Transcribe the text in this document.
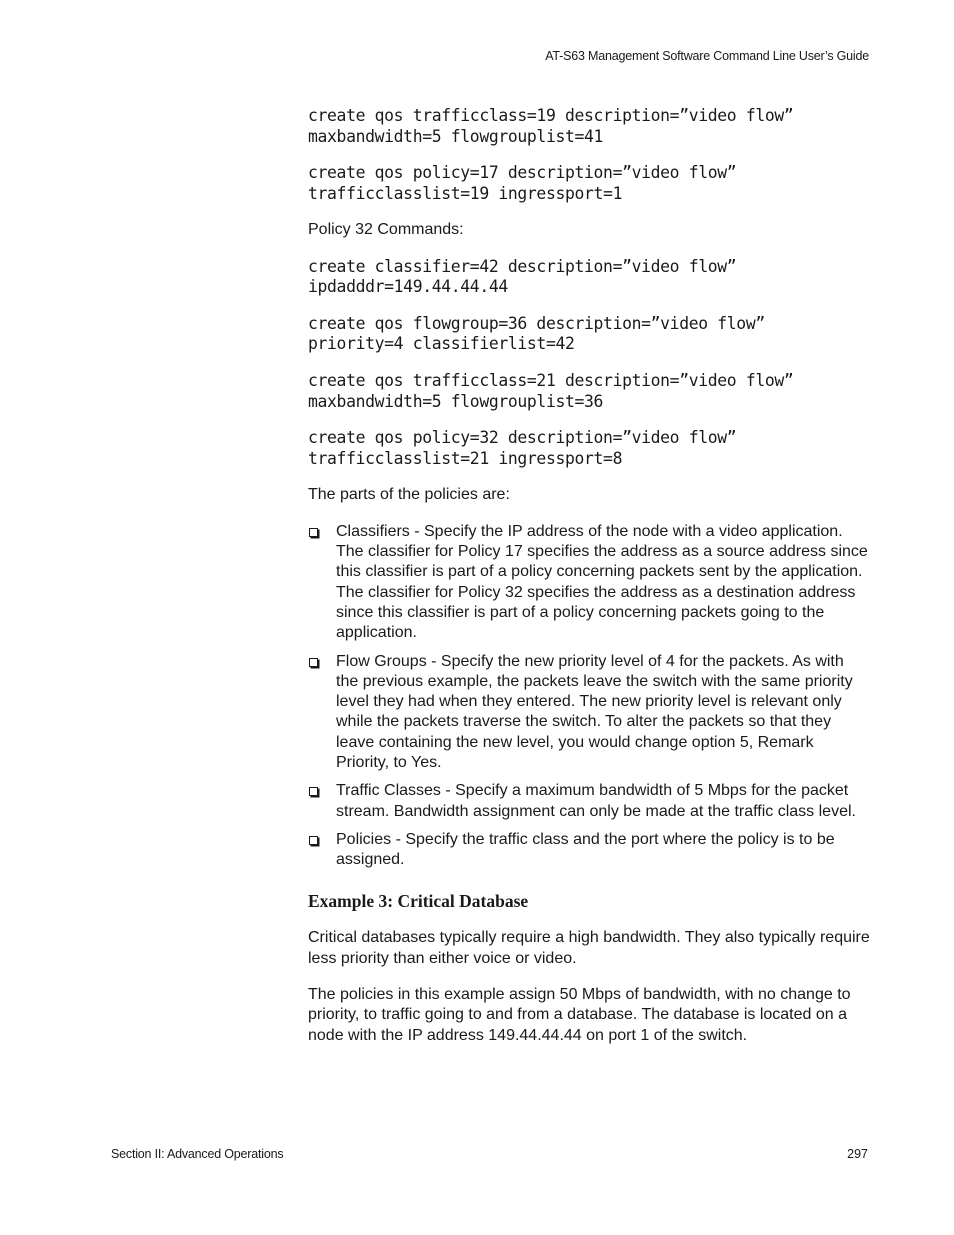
AT-S63 Management Software Command Line User’s Guide
create qos trafficclass=19 description=”video flow”
maxbandwidth=5 flowgrouplist=41
create qos policy=17 description=”video flow”
trafficclasslist=19 ingressport=1
Policy 32 Commands:
create classifier=42 description=”video flow”
ipdadddr=149.44.44.44
create qos flowgroup=36 description=”video flow”
priority=4 classifierlist=42
create qos trafficclass=21 description=”video flow”
maxbandwidth=5 flowgrouplist=36
create qos policy=32 description=”video flow”
trafficclasslist=21 ingressport=8
The parts of the policies are:
Classifiers - Specify the IP address of the node with a video application. The classifier for Policy 17 specifies the address as a source address since this classifier is part of a policy concerning packets sent by the application. The classifier for Policy 32 specifies the address as a destination address since this classifier is part of a policy concerning packets going to the application.
Flow Groups - Specify the new priority level of 4 for the packets. As with the previous example, the packets leave the switch with the same priority level they had when they entered. The new priority level is relevant only while the packets traverse the switch. To alter the packets so that they leave containing the new level, you would change option 5, Remark Priority, to Yes.
Traffic Classes - Specify a maximum bandwidth of 5 Mbps for the packet stream. Bandwidth assignment can only be made at the traffic class level.
Policies - Specify the traffic class and the port where the policy is to be assigned.
Example 3: Critical Database
Critical databases typically require a high bandwidth. They also typically require less priority than either voice or video.
The policies in this example assign 50 Mbps of bandwidth, with no change to priority, to traffic going to and from a database. The database is located on a node with the IP address 149.44.44.44 on port 1 of the switch.
Section II: Advanced Operations	297
